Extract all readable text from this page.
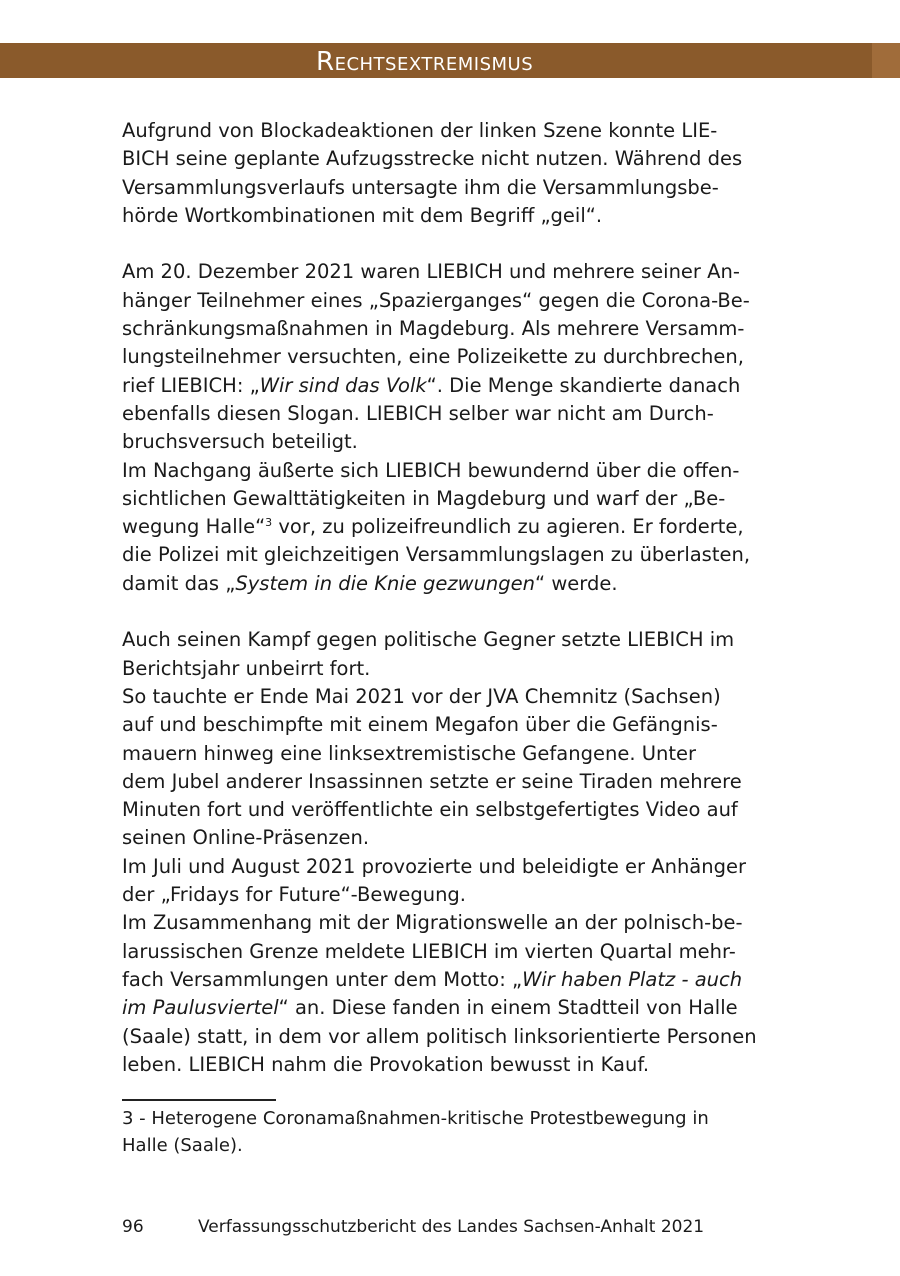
Rechtsextremismus

Aufgrund von Blockadeaktionen der linken Szene konnte LIE-

BICH seine geplante Aufzugsstrecke nicht nutzen. Während des

Versammlungsverlaufs untersagte ihm die Versammlungsbe-

hörde Wortkombinationen mit dem Begriff „geil“.

Am 20. Dezember 2021 waren LIEBICH und mehrere seiner An-

hänger Teilnehmer eines „Spazierganges“ gegen die Corona-Be-

schränkungsmaßnahmen in Magdeburg. Als mehrere Versamm-

lungsteilnehmer versuchten, eine Polizeikette zu durchbrechen,

rief LIEBICH: „Wir sind das Volk“. Die Menge skandierte danach

ebenfalls diesen Slogan. LIEBICH selber war nicht am Durch-

bruchsversuch beteiligt.

Im Nachgang äußerte sich LIEBICH bewundernd über die offen-

sichtlichen Gewalttätigkeiten in Magdeburg und warf der „Be-

wegung Halle“$^3$ vor, zu polizeifreundlich zu agieren. Er forderte,

die Polizei mit gleichzeitigen Versammlungslagen zu überlasten,

damit das „System in die Knie gezwungen“ werde.

Auch seinen Kampf gegen politische Gegner setzte LIEBICH im

Berichtsjahr unbeirrt fort.

So tauchte er Ende Mai 2021 vor der JVA Chemnitz (Sachsen)

auf und beschimpfte mit einem Megafon über die Gefängnis-

mauern hinweg eine linksextremistische Gefangene. Unter

dem Jubel anderer Insassinnen setzte er seine Tiraden mehrere

Minuten fort und veröffentlichte ein selbstgefertigtes Video auf

seinen Online-Präsenzen.

Im Juli und August 2021 provozierte und beleidigte er Anhänger

der „Fridays for Future“-Bewegung.

Im Zusammenhang mit der Migrationswelle an der polnisch-be-

larussischen Grenze meldete LIEBICH im vierten Quartal mehr-

fach Versammlungen unter dem Motto: „Wir haben Platz - auch

im Paulusviertel“ an. Diese fanden in einem Stadtteil von Halle

(Saale) statt, in dem vor allem politisch linksorientierte Personen

leben. LIEBICH nahm die Provokation bewusst in Kauf.

3 - Heterogene Coronamaßnahmen-kritische Protestbewegung in

Halle (Saale).

96	Verfassungsschutzbericht des Landes Sachsen-Anhalt 2021
